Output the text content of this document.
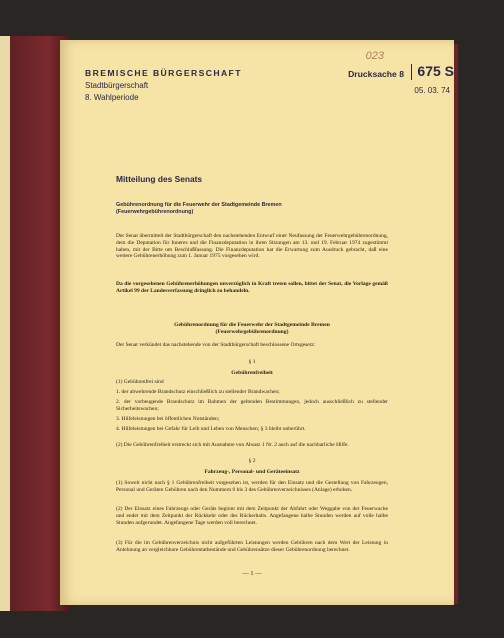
023
BREMISCHE BÜRGERSCHAFT
Stadtbürgerschaft
8. Wahlperiode
Drucksache 8 675 S
05. 03. 74
Mitteilung des Senats
Gebührenordnung für die Feuerwehr der Stadtgemeinde Bremen
(Feuerwehrgebührenordnung)
Der Senat übermittelt der Stadtbürgerschaft den nachstehenden Entwurf einer Neufassung der Feuerwehrgebührenordnung, dem die Deputation für Inneres und die Finanzdeputation in ihren Sitzungen am 13. und 19. Februar 1974 zugestimmt haben, mit der Bitte um Beschlußfassung. Die Finanzdeputation hat die Erwartung zum Ausdruck gebracht, daß eine weitere Gebührenerhöhung zum 1. Januar 1975 vorgesehen wird.
Da die vorgesehenen Gebührenerhöhungen unverzüglich in Kraft treten sollen, bittet der Senat, die Vorlage gemäß Artikel 99 der Landesverfassung dringlich zu behandeln.
Gebührenordnung für die Feuerwehr der Stadtgemeinde Bremen
(Feuerwehrgebührenordnung)
Der Senat verkündet das nachstehende von der Stadtbürgerschaft beschlossene Ortsgesetz:
§ 1
Gebührenfreiheit
(1) Gebührenfrei sind
1. der abwehrende Brandschutz einschließlich zu stellender Brandwachen;
2. der vorbeugende Brandschutz im Rahmen der geltenden Bestimmungen, jedoch ausschließlich zu stellender Sicherheitswachen;
3. Hilfeleistungen bei öffentlichen Notständen;
4. Hilfeleistungen bei Gefahr für Leib und Leben von Menschen; § 3 bleibt unberührt.
(2) Die Gebührenfreiheit erstreckt sich mit Ausnahme von Absatz 1 Nr. 2 auch auf die nachbarliche Hilfe.
§ 2
Fahrzeug-, Personal- und Geräteeinsatz
(1) Soweit nicht nach § 1 Gebührenfreiheit vorgesehen ist, werden für den Einsatz und die Gestellung von Fahrzeugen, Personal und Geräten Gebühren nach den Nummern 0 bis 3 des Gebührenverzeichnisses (Anlage) erhoben.
(2) Der Einsatz eines Fahrzeugs oder Geräts beginnt mit dem Zeitpunkt der Abfahrt oder Weggabe von der Feuerwache und endet mit dem Zeitpunkt der Rückkehr oder des Rückerhalts. Angefangene halbe Stunden werden auf volle halbe Stunden aufgerundet. Angefangene Tage werden voll berechnet.
(3) Für die im Gebührenverzeichnis nicht aufgeführten Leistungen werden Gebühren nach dem Wert der Leistung in Anlehnung an vergleichbare Gebührentatbestände und Gebührensätze dieser Gebührenordnung berechnet.
— 1 —
